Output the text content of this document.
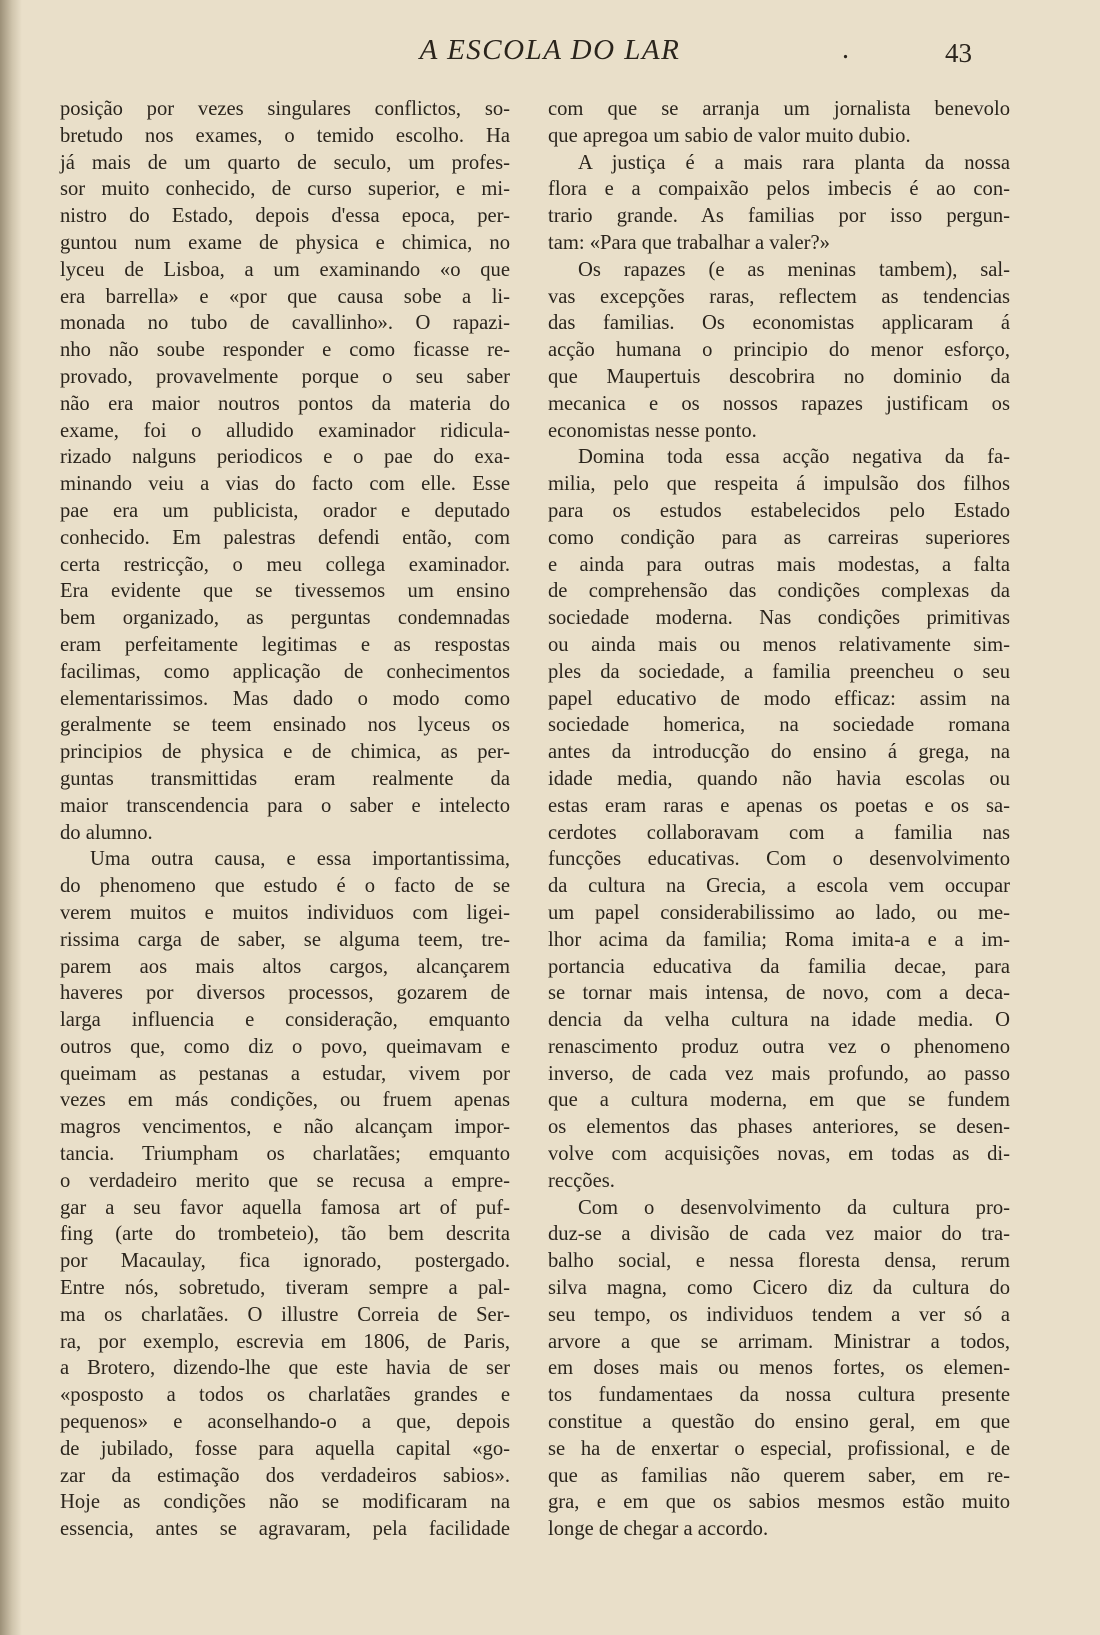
A ESCOLA DO LAR	.	43
posição por vezes singulares conflictos, so-
bretudo nos exames, o temido escolho. Ha
já mais de um quarto de seculo, um profes-
sor muito conhecido, de curso superior, e mi-
nistro do Estado, depois d'essa epoca, per-
guntou num exame de physica e chimica, no
lyceu de Lisboa, a um examinando «o que
era barrella» e «por que causa sobe a li-
monada no tubo de cavallinho». O rapazi-
nho não soube responder e como ficasse re-
provado, provavelmente porque o seu saber
não era maior noutros pontos da materia do
exame, foi o alludido examinador ridicula-
rizado nalguns periodicos e o pae do exa-
minando veiu a vias do facto com elle. Esse
pae era um publicista, orador e deputado
conhecido. Em palestras defendi então, com
certa restricção, o meu collega examinador.
Era evidente que se tivessemos um ensino
bem organizado, as perguntas condemnadas
eram perfeitamente legitimas e as respostas
facilimas, como applicação de conhecimentos
elementarissimos. Mas dado o modo como
geralmente se teem ensinado nos lyceus os
principios de physica e de chimica, as per-
guntas transmittidas eram realmente da
maior transcendencia para o saber e intelecto
do alumno.
Uma outra causa, e essa importantissima,
do phenomeno que estudo é o facto de se
verem muitos e muitos individuos com ligei-
rissima carga de saber, se alguma teem, tre-
parem aos mais altos cargos, alcançarem
haveres por diversos processos, gozarem de
larga influencia e consideração, emquanto
outros que, como diz o povo, queimavam e
queimam as pestanas a estudar, vivem por
vezes em más condições, ou fruem apenas
magros vencimentos, e não alcançam impor-
tancia. Triumpham os charlatães; emquanto
o verdadeiro merito que se recusa a empre-
gar a seu favor aquella famosa art of puf-
fing (arte do trombeteio), tão bem descrita
por Macaulay, fica ignorado, postergado.
Entre nós, sobretudo, tiveram sempre a pal-
ma os charlatães. O illustre Correia de Ser-
ra, por exemplo, escrevia em 1806, de Paris,
a Brotero, dizendo-lhe que este havia de ser
«posposto a todos os charlatães grandes e
pequenos» e aconselhando-o a que, depois
de jubilado, fosse para aquella capital «go-
zar da estimação dos verdadeiros sabios».
Hoje as condições não se modificaram na
essencia, antes se agravaram, pela facilidade
com que se arranja um jornalista benevolo
que apregoa um sabio de valor muito dubio.
A justiça é a mais rara planta da nossa
flora e a compaixão pelos imbecis é ao con-
trario grande. As familias por isso pergun-
tam: «Para que trabalhar a valer?»
Os rapazes (e as meninas tambem), sal-
vas excepções raras, reflectem as tendencias
das familias. Os economistas applicaram á
acção humana o principio do menor esforço,
que Maupertuis descobrira no dominio da
mecanica e os nossos rapazes justificam os
economistas nesse ponto.
Domina toda essa acção negativa da fa-
milia, pelo que respeita á impulsão dos filhos
para os estudos estabelecidos pelo Estado
como condição para as carreiras superiores
e ainda para outras mais modestas, a falta
de comprehensão das condições complexas da
sociedade moderna. Nas condições primitivas
ou ainda mais ou menos relativamente sim-
ples da sociedade, a familia preencheu o seu
papel educativo de modo efficaz: assim na
sociedade homerica, na sociedade romana
antes da introducção do ensino á grega, na
idade media, quando não havia escolas ou
estas eram raras e apenas os poetas e os sa-
cerdotes collaboravam com a familia nas
funcções educativas. Com o desenvolvimento
da cultura na Grecia, a escola vem occupar
um papel considerabilissimo ao lado, ou me-
lhor acima da familia; Roma imita-a e a im-
portancia educativa da familia decae, para
se tornar mais intensa, de novo, com a deca-
dencia da velha cultura na idade media. O
renascimento produz outra vez o phenomeno
inverso, de cada vez mais profundo, ao passo
que a cultura moderna, em que se fundem
os elementos das phases anteriores, se desen-
volve com acquisições novas, em todas as di-
recções.
Com o desenvolvimento da cultura pro-
duz-se a divisão de cada vez maior do tra-
balho social, e nessa floresta densa, rerum
silva magna, como Cicero diz da cultura do
seu tempo, os individuos tendem a ver só a
arvore a que se arrimam. Ministrar a todos,
em doses mais ou menos fortes, os elemen-
tos fundamentaes da nossa cultura presente
constitue a questão do ensino geral, em que
se ha de enxertar o especial, profissional, e de
que as familias não querem saber, em re-
gra, e em que os sabios mesmos estão muito
longe de chegar a accordo.
